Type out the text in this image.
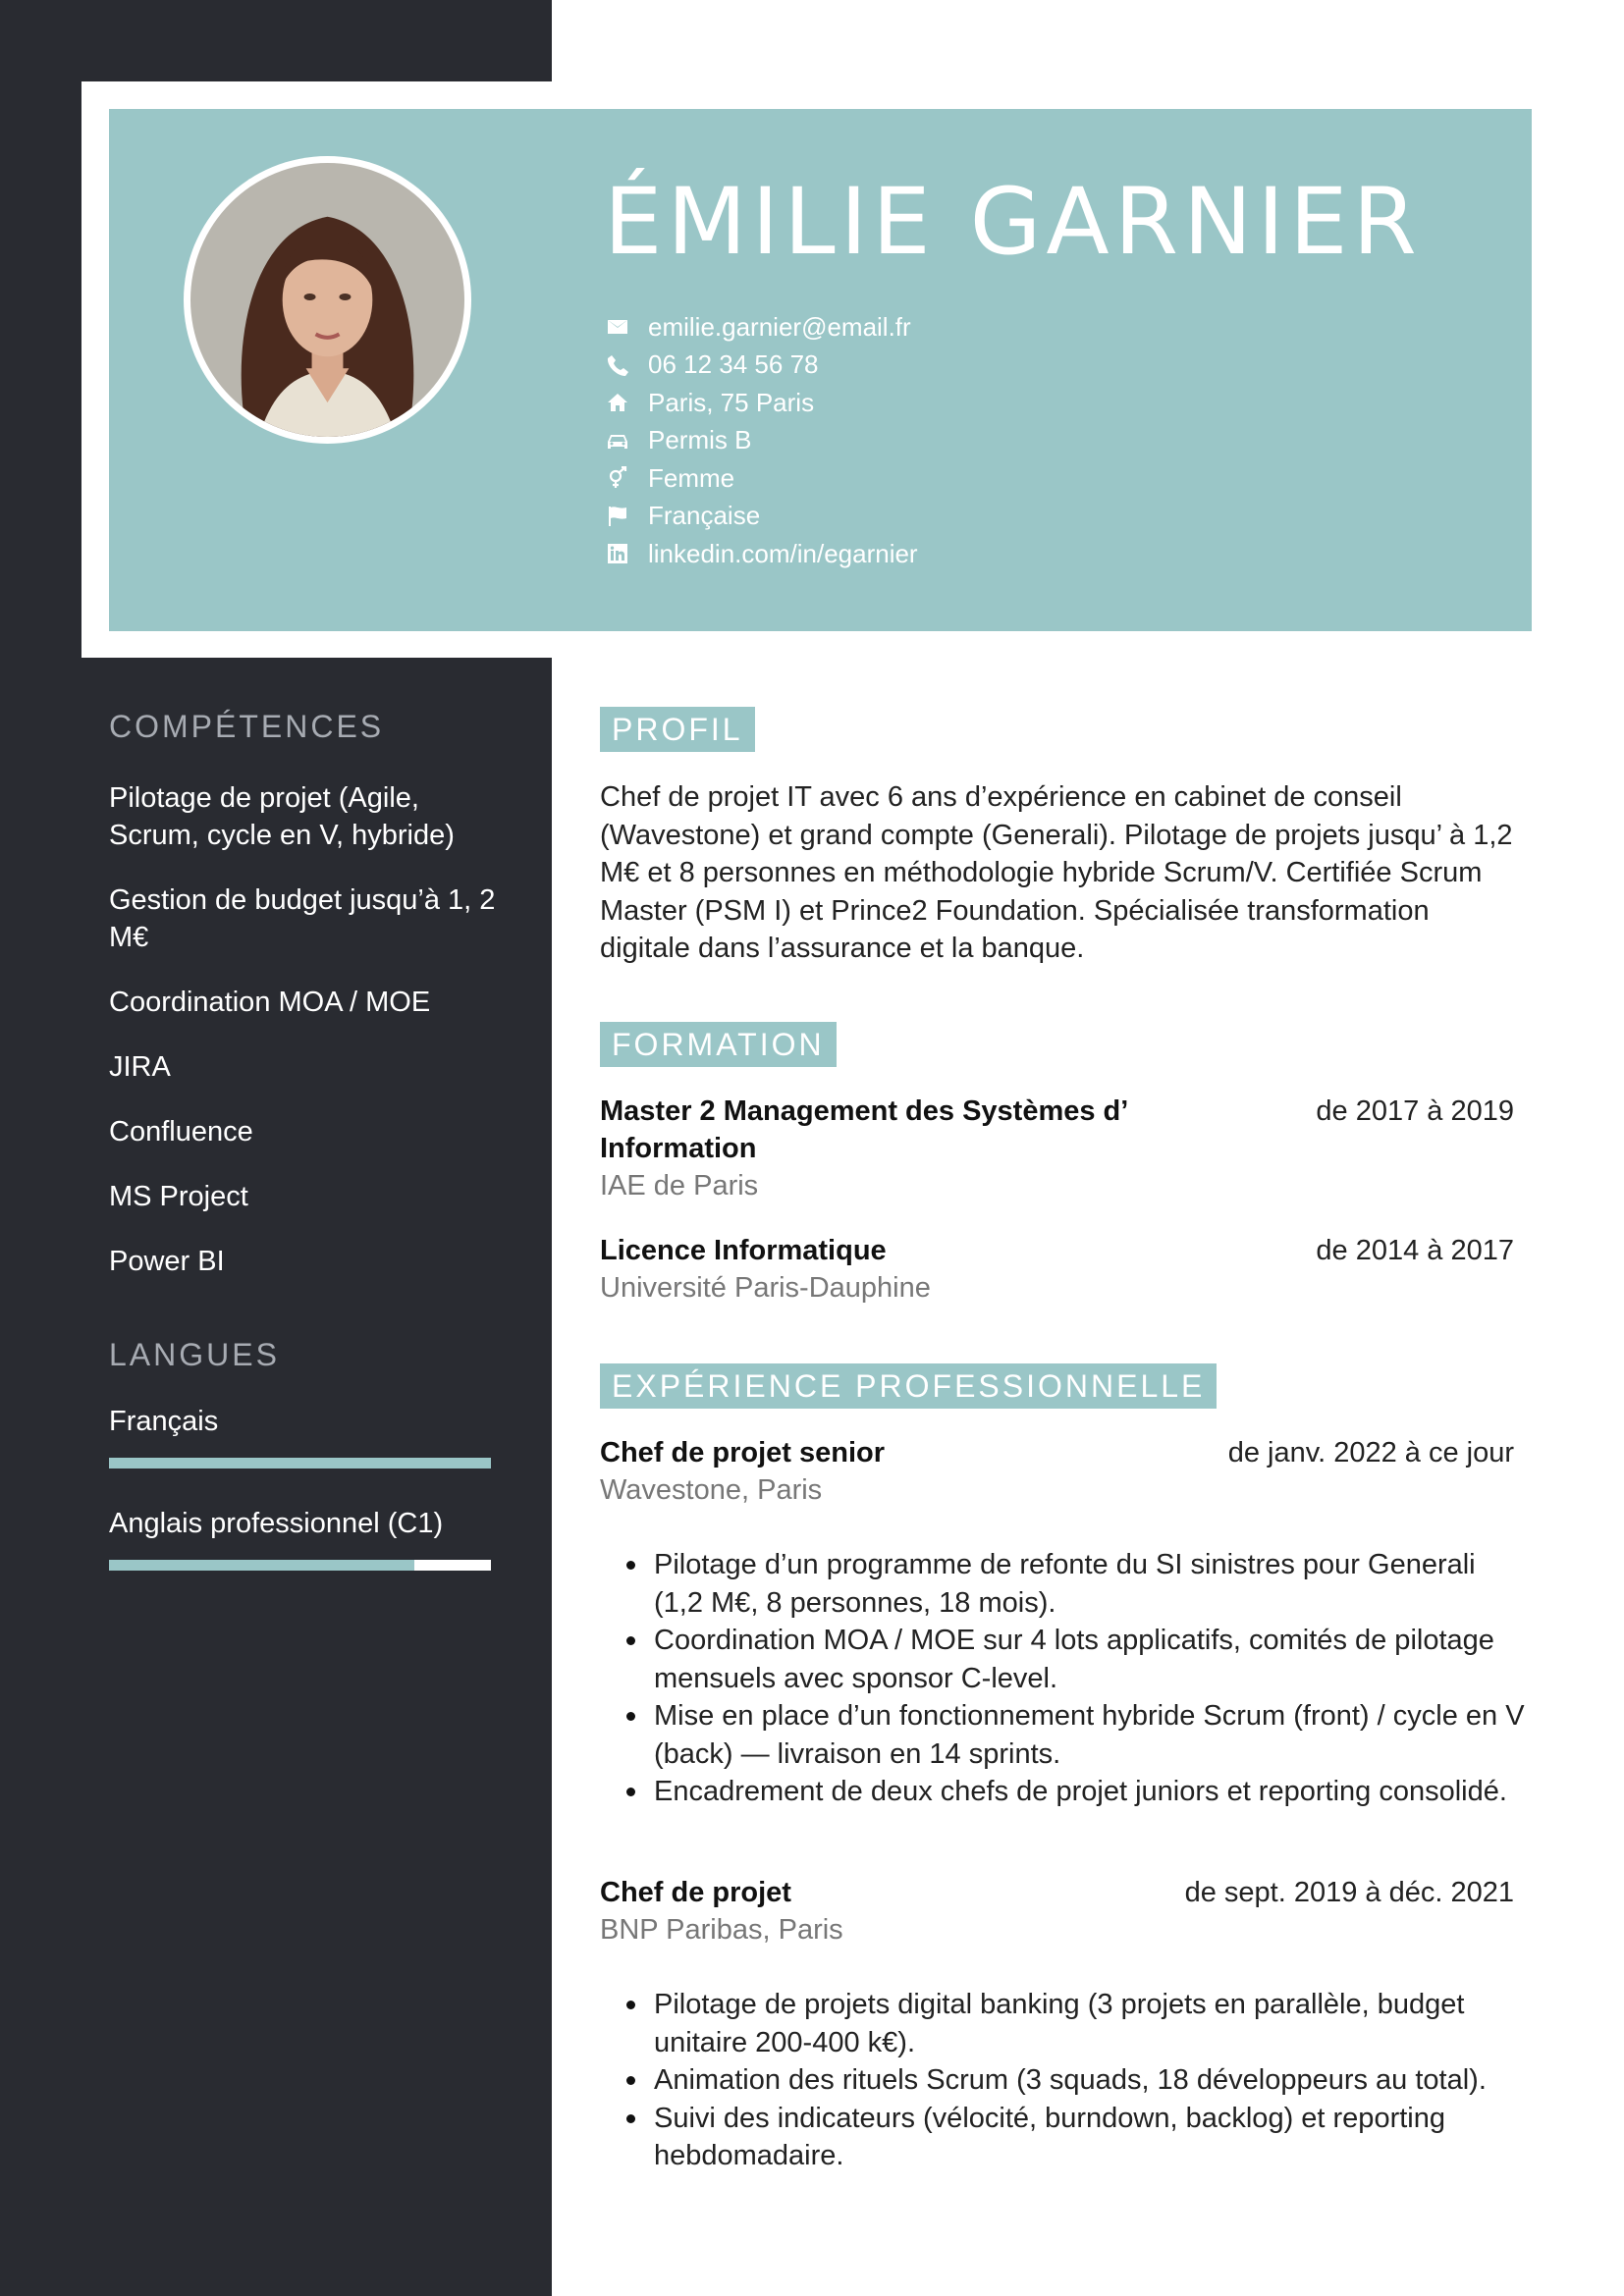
ÉMILIE GARNIER
emilie.garnier@email.fr
06 12 34 56 78
Paris, 75 Paris
Permis B
Femme
Française
linkedin.com/in/egarnier
COMPÉTENCES
Pilotage de projet (Agile, Scrum, cycle en V, hybride)
Gestion de budget jusqu’à 1, 2 M€
Coordination MOA / MOE
JIRA
Confluence
MS Project
Power BI
LANGUES
Français
Anglais professionnel (C1)
PROFIL

Chef de projet IT avec 6 ans d’expérience en cabinet de conseil (Wavestone) et grand compte (Generali). Pilotage de projets jusqu’ à 1,2 M€ et 8 personnes en méthodologie hybride Scrum/V. Certifiée Scrum Master (PSM I) et Prince2 Foundation. Spécialisée transformation digitale dans l’assurance et la banque.

FORMATION
Master 2 Management des Systèmes d’ Information
de 2017 à 2019
IAE de Paris
Licence Informatique	de 2014 à 2017
Université Paris-Dauphine
EXPÉRIENCE PROFESSIONNELLE
Chef de projet senior	de janv. 2022 à ce jour
Wavestone, Paris
Pilotage d’un programme de refonte du SI sinistres pour Generali (1,2 M€, 8 personnes, 18 mois).
Coordination MOA / MOE sur 4 lots applicatifs, comités de pilotage mensuels avec sponsor C-level.
Mise en place d’un fonctionnement hybride Scrum (front) / cycle en V (back) — livraison en 14 sprints.
Encadrement de deux chefs de projet juniors et reporting consolidé.
Chef de projet	de sept. 2019 à déc. 2021
BNP Paribas, Paris
Pilotage de projets digital banking (3 projets en parallèle, budget unitaire 200-400 k€).
Animation des rituels Scrum (3 squads, 18 développeurs au total).
Suivi des indicateurs (vélocité, burndown, backlog) et reporting hebdomadaire.
